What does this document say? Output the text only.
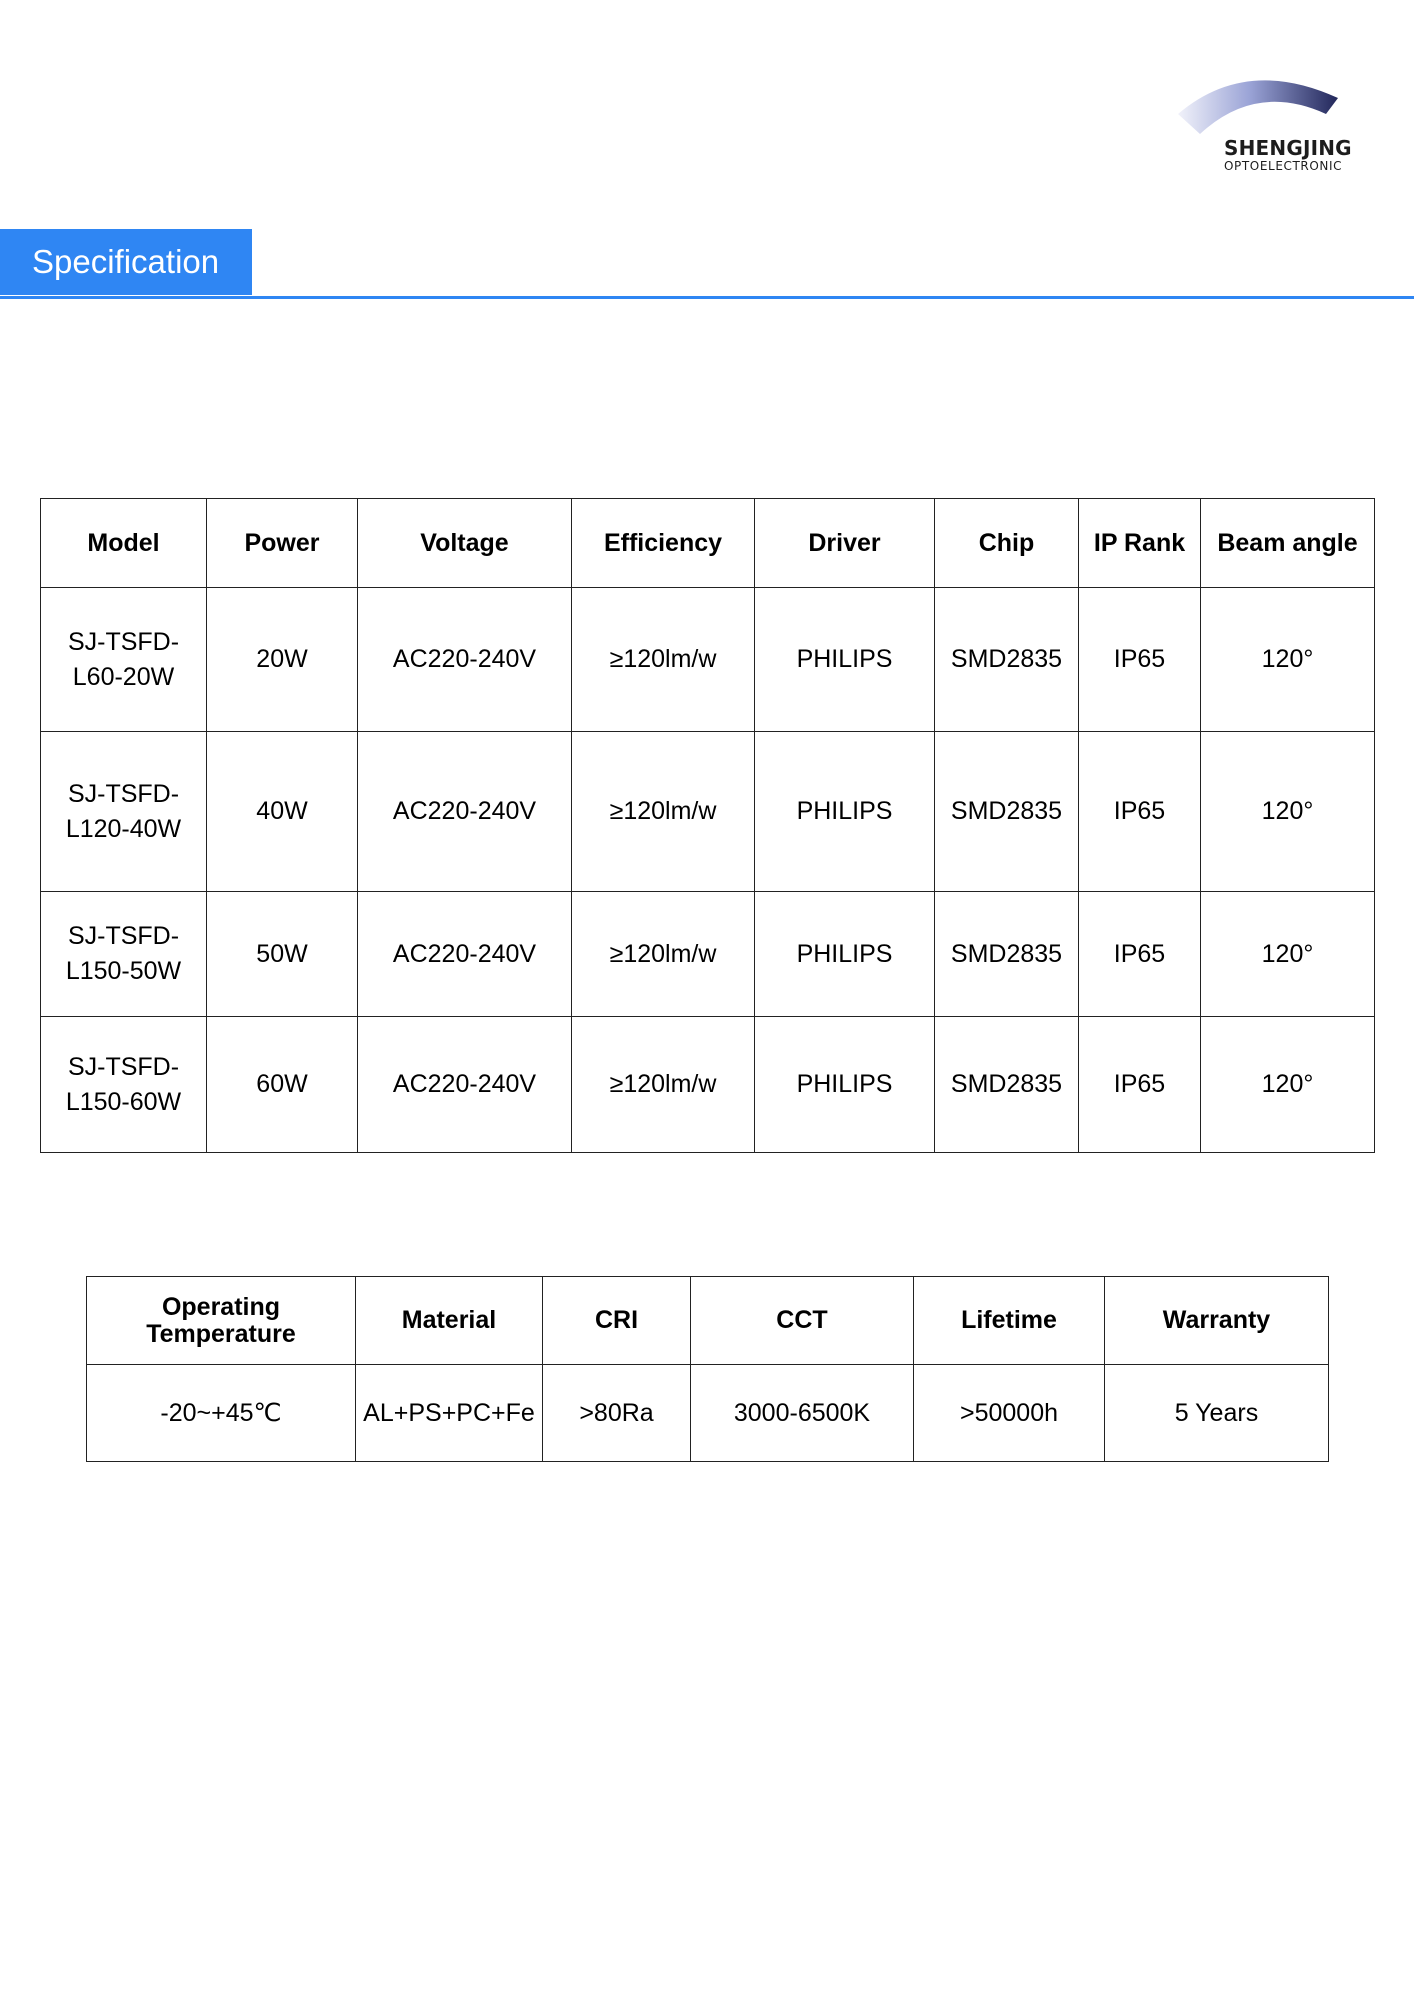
SHENGJING
OPTOELECTRONIC
Specification
Model	Power	Voltage	Efficiency	Driver	Chip	IP Rank	Beam angle
SJ-TSFD-
L60-20W	20W	AC220-240V	≥120lm/w	PHILIPS	SMD2835	IP65	120°
SJ-TSFD-
L120-40W	40W	AC220-240V	≥120lm/w	PHILIPS	SMD2835	IP65	120°
SJ-TSFD-
L150-50W	50W	AC220-240V	≥120lm/w	PHILIPS	SMD2835	IP65	120°
SJ-TSFD-
L150-60W	60W	AC220-240V	≥120lm/w	PHILIPS	SMD2835	IP65	120°
Operating
Temperature	Material	CRI	CCT	Lifetime	Warranty
-20~+45℃	AL+PS+PC+Fe	>80Ra	3000-6500K	>50000h	5 Years
